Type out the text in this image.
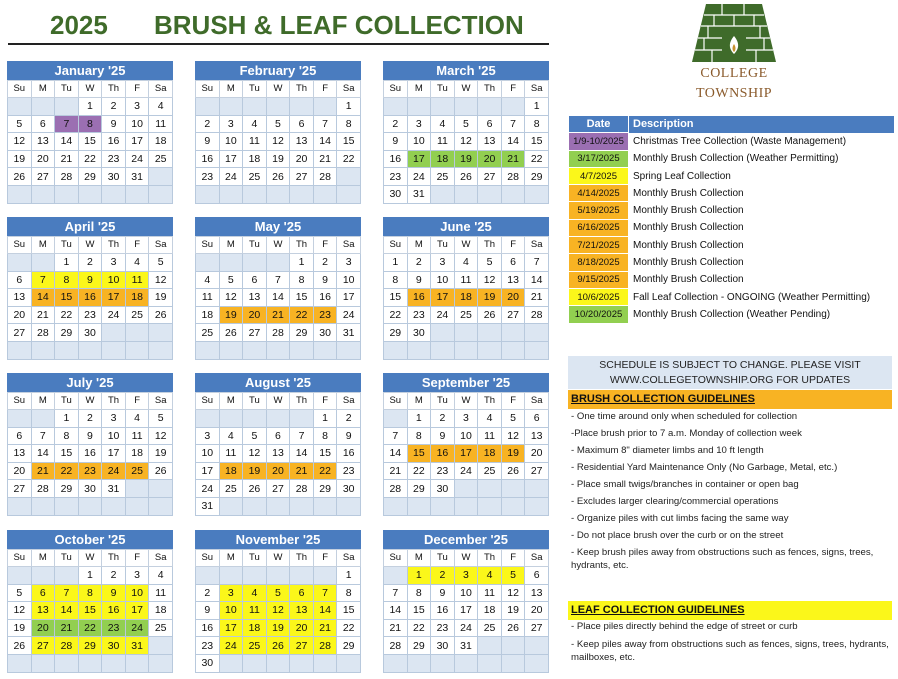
2025 BRUSH & LEAF COLLECTION
COLLEGE
TOWNSHIP
January '25
Su	M	Tu	W	Th	F	Sa
			1	2	3	4
5	6	7	8	9	10	11
12	13	14	15	16	17	18
19	20	21	22	23	24	25
26	27	28	29	30	31	

February '25
Su	M	Tu	W	Th	F	Sa
						1
2	3	4	5	6	7	8
9	10	11	12	13	14	15
16	17	18	19	20	21	22
23	24	25	26	27	28	

March '25
Su	M	Tu	W	Th	F	Sa
						1
2	3	4	5	6	7	8
9	10	11	12	13	14	15
16	17	18	19	20	21	22
23	24	25	26	27	28	29
30	31					
April '25
Su	M	Tu	W	Th	F	Sa
		1	2	3	4	5
6	7	8	9	10	11	12
13	14	15	16	17	18	19
20	21	22	23	24	25	26
27	28	29	30			

May '25
Su	M	Tu	W	Th	F	Sa
				1	2	3
4	5	6	7	8	9	10
11	12	13	14	15	16	17
18	19	20	21	22	23	24
25	26	27	28	29	30	31

June '25
Su	M	Tu	W	Th	F	Sa
1	2	3	4	5	6	7
8	9	10	11	12	13	14
15	16	17	18	19	20	21
22	23	24	25	26	27	28
29	30					

July '25
Su	M	Tu	W	Th	F	Sa
		1	2	3	4	5
6	7	8	9	10	11	12
13	14	15	16	17	18	19
20	21	22	23	24	25	26
27	28	29	30	31		

August '25
Su	M	Tu	W	Th	F	Sa
					1	2
3	4	5	6	7	8	9
10	11	12	13	14	15	16
17	18	19	20	21	22	23
24	25	26	27	28	29	30
31						
September '25
Su	M	Tu	W	Th	F	Sa
	1	2	3	4	5	6
7	8	9	10	11	12	13
14	15	16	17	18	19	20
21	22	23	24	25	26	27
28	29	30				

October '25
Su	M	Tu	W	Th	F	Sa
			1	2	3	4
5	6	7	8	9	10	11
12	13	14	15	16	17	18
19	20	21	22	23	24	25
26	27	28	29	30	31	

November '25
Su	M	Tu	W	Th	F	Sa
						1
2	3	4	5	6	7	8
9	10	11	12	13	14	15
16	17	18	19	20	21	22
23	24	25	26	27	28	29
30						
December '25
Su	M	Tu	W	Th	F	Sa
	1	2	3	4	5	6
7	8	9	10	11	12	13
14	15	16	17	18	19	20
21	22	23	24	25	26	27
28	29	30	31			

Date	Description
1/9-10/2025	Christmas Tree Collection (Waste Management)
3/17/2025	Monthly Brush Collection (Weather Permitting)
4/7/2025	Spring Leaf Collection
4/14/2025	Monthly Brush Collection
5/19/2025	Monthly Brush Collection
6/16/2025	Monthly Brush Collection
7/21/2025	Monthly Brush Collection
8/18/2025	Monthly Brush Collection
9/15/2025	Monthly Brush Collection
10/6/2025	Fall Leaf Collection - ONGOING (Weather Permitting)
10/20/2025	Monthly Brush Collection (Weather Pending)
SCHEDULE IS SUBJECT TO CHANGE. PLEASE VISIT
WWW.COLLEGETOWNSHIP.ORG FOR UPDATES
BRUSH COLLECTION GUIDELINES
- One time around only when scheduled for collection
-Place brush prior to 7 a.m. Monday of collection week
- Maximum 8" diameter limbs and 10 ft length
- Residential Yard Maintenance Only (No Garbage, Metal, etc.)
- Place small twigs/branches in container or open bag
- Excludes larger clearing/commercial operations
- Organize piles with cut limbs facing the same way
- Do not place brush over the curb or on the street
- Keep brush piles away from obstructions such as fences, signs, trees, hydrants, etc.
LEAF COLLECTION GUIDELINES
- Place piles directly behind the edge of street or curb
- Keep piles away from obstructions such as fences, signs, trees, hydrants, mailboxes, etc.
